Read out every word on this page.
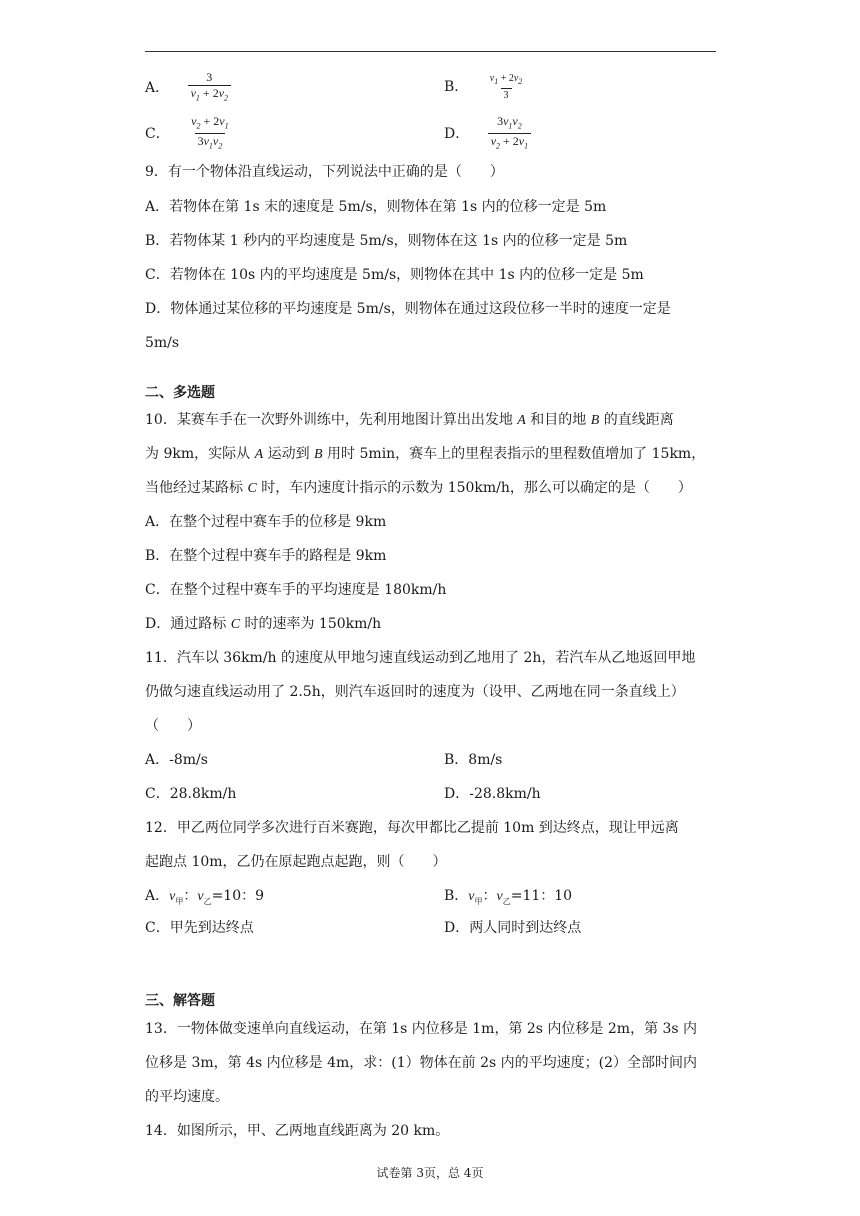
A． $\frac{3}{v_1 + 2v_2}$	B． $\frac{v_1 + 2v_2}{3}$
C． $\frac{v_2 + 2v_1}{3v_1v_2}$	D． $\frac{3v_1v_2}{v_2 + 2v_1}$
9．有一个物体沿直线运动，下列说法中正确的是（　　）
A．若物体在第 1s 末的速度是 5m/s，则物体在第 1s 内的位移一定是 5m
B．若物体某 1 秒内的平均速度是 5m/s，则物体在这 1s 内的位移一定是 5m
C．若物体在 10s 内的平均速度是 5m/s，则物体在其中 1s 内的位移一定是 5m
D．物体通过某位移的平均速度是 5m/s，则物体在通过这段位移一半时的速度一定是
5m/s
二、多选题
10．某赛车手在一次野外训练中，先利用地图计算出出发地 A 和目的地 B 的直线距离
为 9km，实际从 A 运动到 B 用时 5min，赛车上的里程表指示的里程数值增加了 15km，
当他经过某路标 C 时，车内速度计指示的示数为 150km/h，那么可以确定的是（　　）
A．在整个过程中赛车手的位移是 9km
B．在整个过程中赛车手的路程是 9km
C．在整个过程中赛车手的平均速度是 180km/h
D．通过路标 C 时的速率为 150km/h
11．汽车以 36km/h 的速度从甲地匀速直线运动到乙地用了 2h，若汽车从乙地返回甲地
仍做匀速直线运动用了 2.5h，则汽车返回时的速度为（设甲、乙两地在同一条直线上）
（　　）
A．-8m/s	B．8m/s
C．28.8km/h	D．-28.8km/h
12．甲乙两位同学多次进行百米赛跑，每次甲都比乙提前 10m 到达终点，现让甲远离
起跑点 10m，乙仍在原起跑点起跑，则（　　）
A．$v_甲$：$v_乙=10$：9	B．$v_甲$：$v_乙=11$：10
C．甲先到达终点	D．两人同时到达终点
三、解答题
13．一物体做变速单向直线运动，在第 1s 内位移是 1m，第 2s 内位移是 2m，第 3s 内
位移是 3m，第 4s 内位移是 4m，求：(1）物体在前 2s 内的平均速度；(2）全部时间内
的平均速度。
14．如图所示，甲、乙两地直线距离为 20 km。
试卷第 3页，总 4页
